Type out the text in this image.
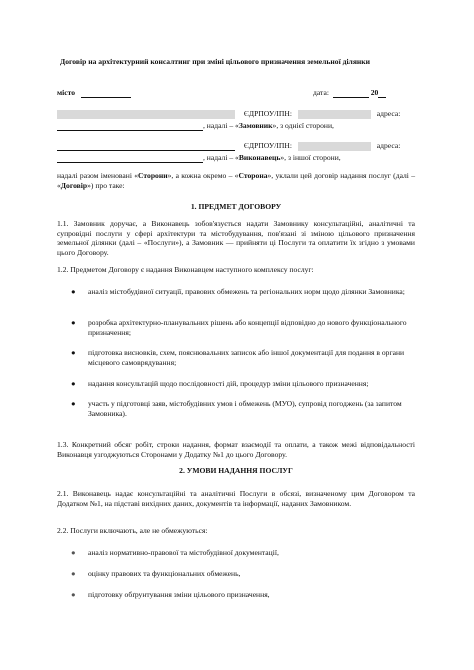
Договір на архітектурний консалтинг при зміні цільового призначення земельної ділянки
місто	дата:	20
ЄДРПОУ/ІПН:	адреса:
, надалі – «Замовник», з одніє͏ї сторони,
ЄДРПОУ/ІПН:	адреса:
, надалі – «Виконавець», з іншої сторони,
надалі разом іменовані «Сторони», а кожна окремо – «Сторона», уклали цей договір надання послуг (далі – «Договір») про таке:
1. ПРЕДМЕТ ДОГОВОРУ
1.1. Замовник доручає, а Виконавець зобов'язується надати Замовнику консультаційні, аналітичні та супровідні послуги у сфері архітектури та містобудування, пов'язані зі зміною цільового призначення земельної ділянки (далі – «Послуги»), а Замовник — прийняти ці Послуги та оплатити їх згідно з умовами цього Договору.
1.2. Предметом Договору є надання Виконавцем наступного комплексу послуг:
● аналіз містобудівної ситуації, правових обмежень та регіональних норм щодо ділянки Замовника;
● розробка архітектурно-планувальних рішень або концепції відповідно до нового функціонального призначення;
● підготовка висновків, схем, пояснювальних записок або іншої документації для подання в органи місцевого самоврядування;
● надання консультацій щодо послідовності дій, процедур зміни цільового призначення;
● участь у підготовці заяв, містобудівних умов і обмежень (МУО), супровід погоджень (за запитом Замовника).
1.3. Конкретний обсяг робіт, строки надання, формат взаємодії та оплати, а також межі відповідальності Виконавця узгоджуються Сторонами у Додатку №1 до цього Договору.
2. УМОВИ НАДАННЯ ПОСЛУГ
2.1. Виконавець надає консультаційні та аналітичні Послуги в обсязі, визначеному цим Договором та Додатком №1, на підставі вихідних даних, документів та інформації, наданих Замовником.
2.2. Послуги включають, але не обмежуються:
● аналіз нормативно-правової та містобудівної документації,
● оцінку правових та функціональних обмежень,
● підготовку обґрунтування зміни цільового призначення,
